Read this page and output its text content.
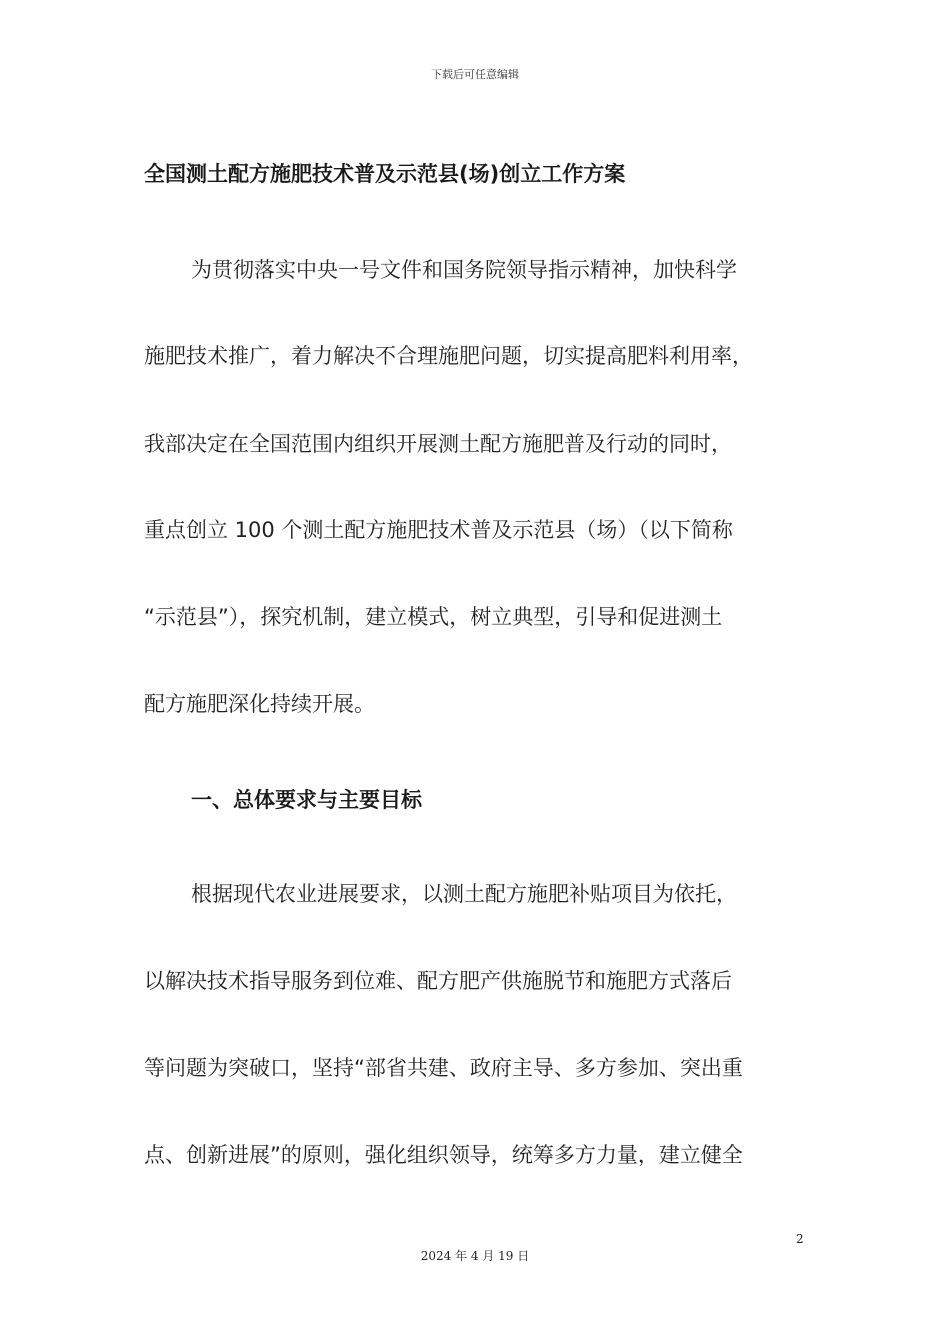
下载后可任意编辑
全国测土配方施肥技术普及示范县(场)创立工作方案
为贯彻落实中央一号文件和国务院领导指示精神，加快科学
施肥技术推广，着力解决不合理施肥问题，切实提高肥料利用率，
我部决定在全国范围内组织开展测土配方施肥普及行动的同时，
重点创立 100 个测土配方施肥技术普及示范县（场）（以下简称
“示范县”），探究机制，建立模式，树立典型，引导和促进测土
配方施肥深化持续开展。
一、总体要求与主要目标
根据现代农业进展要求，以测土配方施肥补贴项目为依托，
以解决技术指导服务到位难、配方肥产供施脱节和施肥方式落后
等问题为突破口，坚持“部省共建、政府主导、多方参加、突出重
点、创新进展”的原则，强化组织领导，统筹多方力量，建立健全
2
2024 年 4 月 19 日
